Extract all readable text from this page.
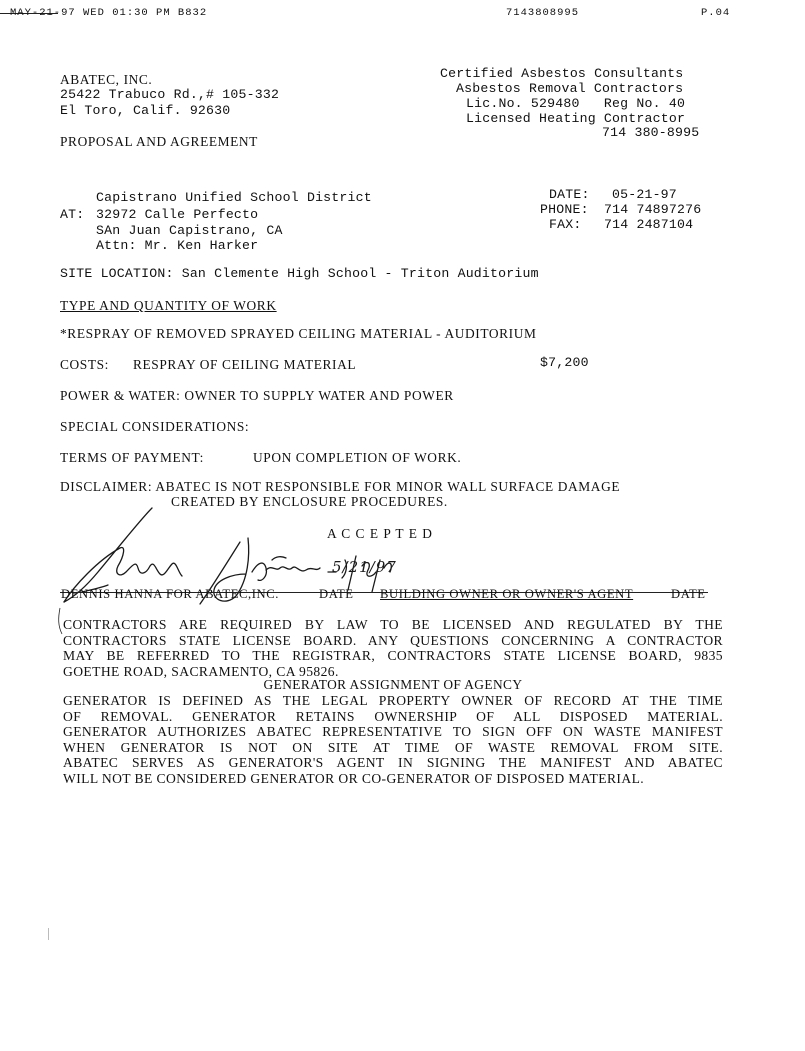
MAY-21-97 WED 01:30 PM B832	7143808995	P.04
ABATEC, INC.
25422 Trabuco Rd.,# 105-332
El Toro, Calif. 92630
Certified Asbestos Consultants
Asbestos Removal Contractors
Lic.No. 529480   Reg No. 40
Licensed Heating Contractor
714 380-8995
PROPOSAL AND AGREEMENT
Capistrano Unified School District
AT: 32972 Calle Perfecto
SAn Juan Capistrano, CA
Attn: Mr. Ken Harker
DATE: 05-21-97
PHONE: 714 74897276
FAX: 714 2487104
SITE LOCATION: San Clemente High School - Triton Auditorium
TYPE AND QUANTITY OF WORK
*RESPRAY OF REMOVED SPRAYED CEILING MATERIAL - AUDITORIUM
COSTS: RESPRAY OF CEILING MATERIAL	$7,200
POWER & WATER: OWNER TO SUPPLY WATER AND POWER
SPECIAL CONSIDERATIONS:
TERMS OF PAYMENT:	UPON COMPLETION OF WORK.
DISCLAIMER: ABATEC IS NOT RESPONSIBLE FOR MINOR WALL SURFACE DAMAGE
CREATED BY ENCLOSURE PROCEDURES.
A C C E P T E D
DENNIS HANNA FOR ABATEC,INC.	DATE BUILDING OWNER OR OWNER'S AGENT	DATE
CONTRACTORS ARE REQUIRED BY LAW TO BE LICENSED AND REGULATED BY THE
CONTRACTORS STATE LICENSE BOARD. ANY QUESTIONS CONCERNING A CONTRACTOR
MAY BE REFERRED TO THE REGISTRAR, CONTRACTORS STATE LICENSE BOARD, 9835
GOETHE ROAD, SACRAMENTO, CA 95826.
GENERATOR ASSIGNMENT OF AGENCY
GENERATOR IS DEFINED AS THE LEGAL PROPERTY OWNER OF RECORD AT THE TIME
OF REMOVAL. GENERATOR RETAINS OWNERSHIP OF ALL DISPOSED MATERIAL.
GENERATOR AUTHORIZES ABATEC REPRESENTATIVE TO SIGN OFF ON WASTE MANIFEST
WHEN GENERATOR IS NOT ON SITE AT TIME OF WASTE REMOVAL FROM SITE.
ABATEC SERVES AS GENERATOR'S AGENT IN SIGNING THE MANIFEST AND ABATEC
WILL NOT BE CONSIDERED GENERATOR OR CO-GENERATOR OF DISPOSED MATERIAL.
5/21/97
